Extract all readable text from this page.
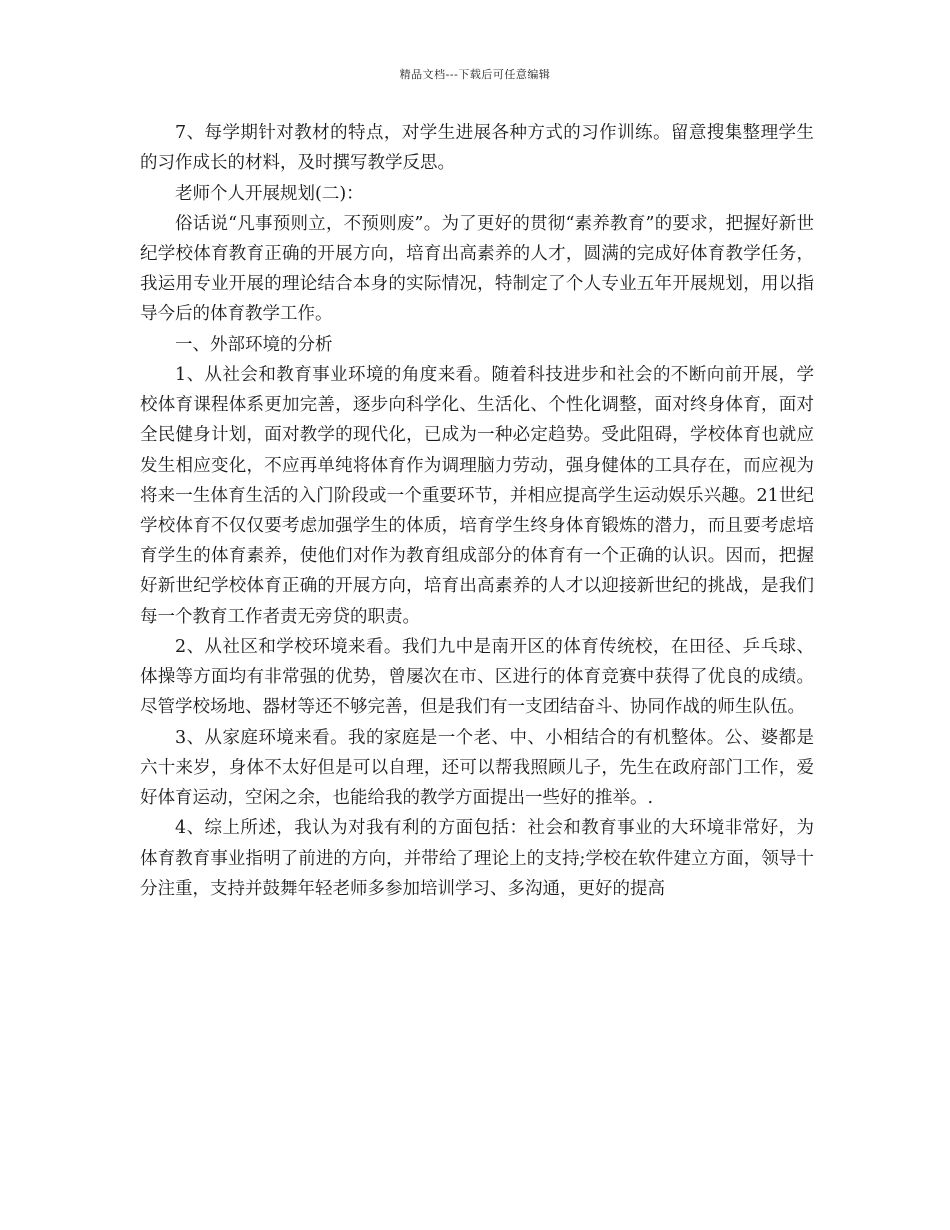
精品文档---下载后可任意编辑

7、每学期针对教材的特点，对学生进展各种方式的习作训练。留意搜集整理学生的习作成长的材料，及时撰写教学反思。

老师个人开展规划(二)：

俗话说“凡事预则立，不预则废”。为了更好的贯彻“素养教育”的要求，把握好新世纪学校体育教育正确的开展方向，培育出高素养的人才，圆满的完成好体育教学任务，我运用专业开展的理论结合本身的实际情况，特制定了个人专业五年开展规划，用以指导今后的体育教学工作。

一、外部环境的分析

1、从社会和教育事业环境的角度来看。随着科技进步和社会的不断向前开展，学校体育课程体系更加完善，逐步向科学化、生活化、个性化调整，面对终身体育，面对全民健身计划，面对教学的现代化，已成为一种必定趋势。受此阻碍，学校体育也就应发生相应变化，不应再单纯将体育作为调理脑力劳动，强身健体的工具存在，而应视为将来一生体育生活的入门阶段或一个重要环节，并相应提高学生运动娱乐兴趣。21世纪学校体育不仅仅要考虑加强学生的体质，培育学生终身体育锻炼的潜力，而且要考虑培育学生的体育素养，使他们对作为教育组成部分的体育有一个正确的认识。因而，把握好新世纪学校体育正确的开展方向，培育出高素养的人才以迎接新世纪的挑战，是我们每一个教育工作者责无旁贷的职责。

2、从社区和学校环境来看。我们九中是南开区的体育传统校，在田径、乒乓球、体操等方面均有非常强的优势，曾屡次在市、区进行的体育竞赛中获得了优良的成绩。尽管学校场地、器材等还不够完善，但是我们有一支团结奋斗、协同作战的师生队伍。

3、从家庭环境来看。我的家庭是一个老、中、小相结合的有机整体。公、婆都是六十来岁，身体不太好但是可以自理，还可以帮我照顾儿子，先生在政府部门工作，爱好体育运动，空闲之余，也能给我的教学方面提出一些好的推举。.

4、综上所述，我认为对我有利的方面包括：社会和教育事业的大环境非常好，为体育教育事业指明了前进的方向，并带给了理论上的支持;学校在软件建立方面，领导十分注重，支持并鼓舞年轻老师多参加培训学习、多沟通，更好的提高
